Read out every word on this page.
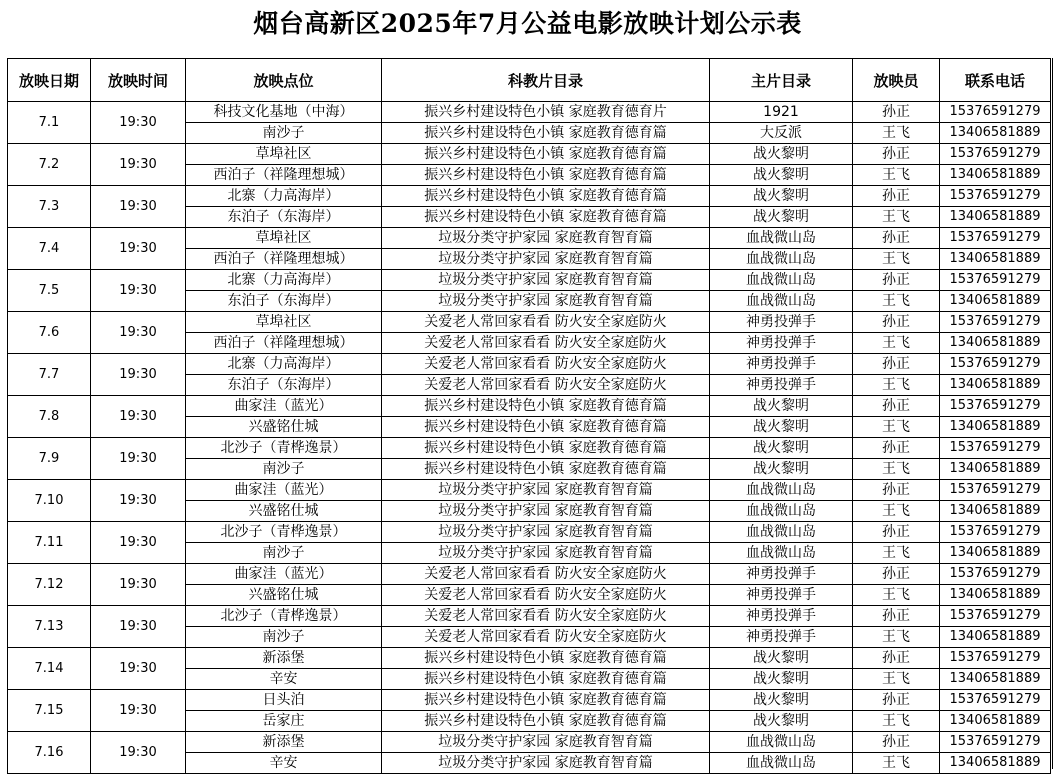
烟台高新区2025年7月公益电影放映计划公示表
放映日期	放映时间	放映点位	科教片目录	主片目录	放映员	联系电话
7.1	19:30	科技文化基地（中海）	振兴乡村建设特色小镇 家庭教育德育片	1921	孙正	15376591279
		南沙子	振兴乡村建设特色小镇 家庭教育德育篇	大反派	王飞	13406581889
7.2	19:30	草埠社区	振兴乡村建设特色小镇 家庭教育德育篇	战火黎明	孙正	15376591279
		西泊子（祥隆理想城）	振兴乡村建设特色小镇 家庭教育德育篇	战火黎明	王飞	13406581889
7.3	19:30	北寨（力高海岸）	振兴乡村建设特色小镇 家庭教育德育篇	战火黎明	孙正	15376591279
		东泊子（东海岸）	振兴乡村建设特色小镇 家庭教育德育篇	战火黎明	王飞	13406581889
7.4	19:30	草埠社区	垃圾分类守护家园 家庭教育智育篇	血战微山岛	孙正	15376591279
		西泊子（祥隆理想城）	垃圾分类守护家园 家庭教育智育篇	血战微山岛	王飞	13406581889
7.5	19:30	北寨（力高海岸）	垃圾分类守护家园 家庭教育智育篇	血战微山岛	孙正	15376591279
		东泊子（东海岸）	垃圾分类守护家园 家庭教育智育篇	血战微山岛	王飞	13406581889
7.6	19:30	草埠社区	关爱老人常回家看看 防火安全家庭防火	神勇投弹手	孙正	15376591279
		西泊子（祥隆理想城）	关爱老人常回家看看 防火安全家庭防火	神勇投弹手	王飞	13406581889
7.7	19:30	北寨（力高海岸）	关爱老人常回家看看 防火安全家庭防火	神勇投弹手	孙正	15376591279
		东泊子（东海岸）	关爱老人常回家看看 防火安全家庭防火	神勇投弹手	王飞	13406581889
7.8	19:30	曲家洼（蓝光）	振兴乡村建设特色小镇 家庭教育德育篇	战火黎明	孙正	15376591279
		兴盛铭仕城	振兴乡村建设特色小镇 家庭教育德育篇	战火黎明	王飞	13406581889
7.9	19:30	北沙子（青桦逸景）	振兴乡村建设特色小镇 家庭教育德育篇	战火黎明	孙正	15376591279
		南沙子	振兴乡村建设特色小镇 家庭教育德育篇	战火黎明	王飞	13406581889
7.10	19:30	曲家洼（蓝光）	垃圾分类守护家园 家庭教育智育篇	血战微山岛	孙正	15376591279
		兴盛铭仕城	垃圾分类守护家园 家庭教育智育篇	血战微山岛	王飞	13406581889
7.11	19:30	北沙子（青桦逸景）	垃圾分类守护家园 家庭教育智育篇	血战微山岛	孙正	15376591279
		南沙子	垃圾分类守护家园 家庭教育智育篇	血战微山岛	王飞	13406581889
7.12	19:30	曲家洼（蓝光）	关爱老人常回家看看 防火安全家庭防火	神勇投弹手	孙正	15376591279
		兴盛铭仕城	关爱老人常回家看看 防火安全家庭防火	神勇投弹手	王飞	13406581889
7.13	19:30	北沙子（青桦逸景）	关爱老人常回家看看 防火安全家庭防火	神勇投弹手	孙正	15376591279
		南沙子	关爱老人常回家看看 防火安全家庭防火	神勇投弹手	王飞	13406581889
7.14	19:30	新添堡	振兴乡村建设特色小镇 家庭教育德育篇	战火黎明	孙正	15376591279
		辛安	振兴乡村建设特色小镇 家庭教育德育篇	战火黎明	王飞	13406581889
7.15	19:30	日头泊	振兴乡村建设特色小镇 家庭教育德育篇	战火黎明	孙正	15376591279
		岳家庄	振兴乡村建设特色小镇 家庭教育德育篇	战火黎明	王飞	13406581889
7.16	19:30	新添堡	垃圾分类守护家园 家庭教育智育篇	血战微山岛	孙正	15376591279
		辛安	垃圾分类守护家园 家庭教育智育篇	血战微山岛	王飞	13406581889
